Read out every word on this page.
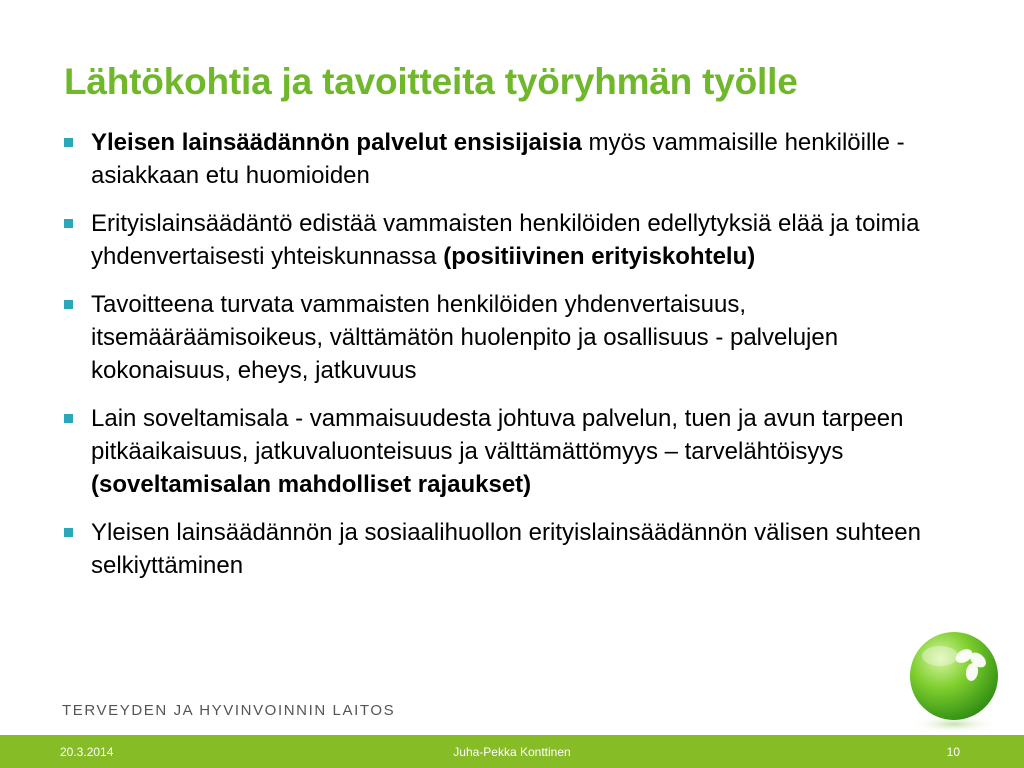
Lähtökohtia ja tavoitteita työryhmän työlle
Yleisen lainsäädännön palvelut ensisijaisia myös vammaisille henkilöille - asiakkaan etu huomioiden
Erityislainsäädäntö edistää vammaisten henkilöiden edellytyksiä elää ja toimia yhdenvertaisesti yhteiskunnassa (positiivinen erityiskohtelu)
Tavoitteena turvata vammaisten henkilöiden yhdenvertaisuus, itsemääräämisoikeus, välttämätön huolenpito ja osallisuus - palvelujen kokonaisuus, eheys, jatkuvuus
Lain soveltamisala - vammaisuudesta johtuva palvelun, tuen ja avun tarpeen pitkäaikaisuus, jatkuvaluonteisuus ja välttämättömyys – tarvelähtöisyys (soveltamisalan mahdolliset rajaukset)
Yleisen lainsäädännön ja sosiaalihuollon erityislainsäädännön välisen suhteen selkiyttäminen
TERVEYDEN JA HYVINVOINNIN LAITOS
20.3.2014	Juha-Pekka Konttinen	10
